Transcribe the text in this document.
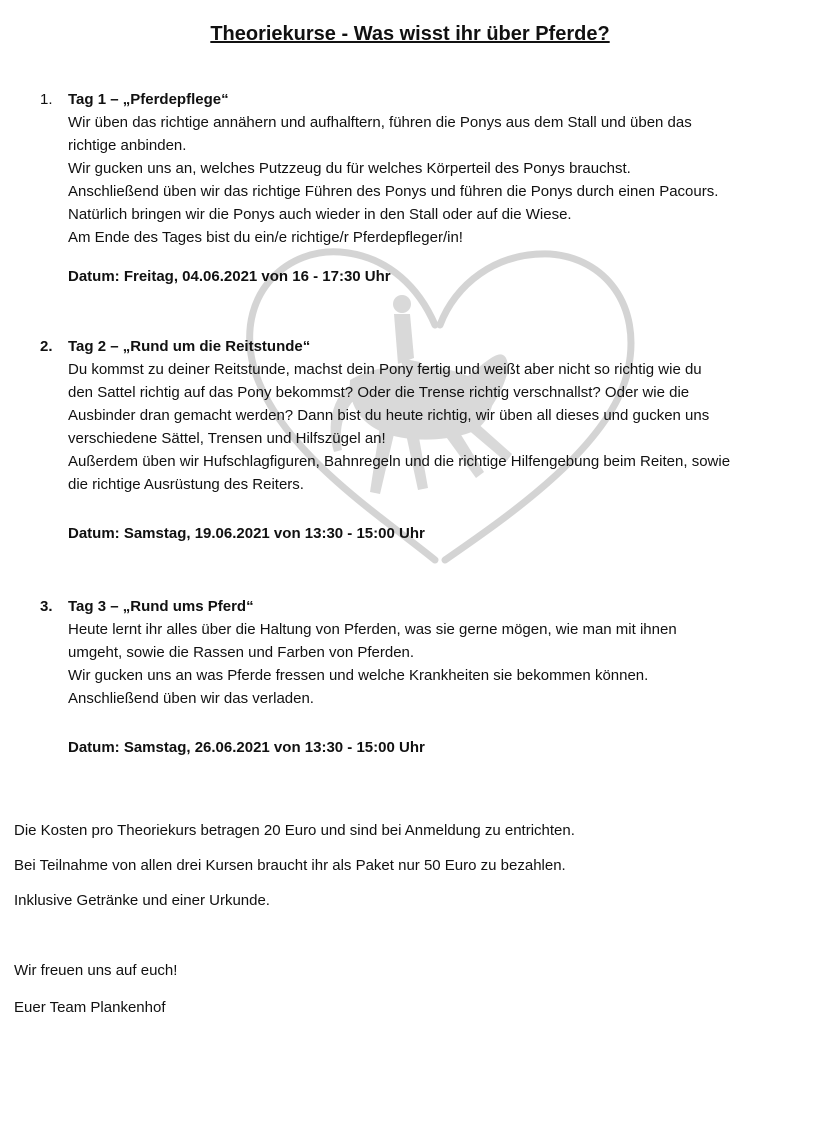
Theoriekurse - Was wisst ihr über Pferde?
1. Tag 1 – „Pferdepflege“
Wir üben das richtige annähern und aufhalftern, führen die Ponys aus dem Stall und üben das
richtige anbinden.
Wir gucken uns an, welches Putzzeug du für welches Körperteil des Ponys brauchst.
Anschließend üben wir das richtige Führen des Ponys und führen die Ponys durch einen Pacours.
Natürlich bringen wir die Ponys auch wieder in den Stall oder auf die Wiese.
Am Ende des Tages bist du ein/e richtige/r Pferdepfleger/in!
Datum: Freitag, 04.06.2021 von 16 - 17:30 Uhr
2. Tag 2 – „Rund um die Reitstunde“
Du kommst zu deiner Reitstunde, machst dein Pony fertig und weißt aber nicht so richtig wie du
den Sattel richtig auf das Pony bekommst? Oder die Trense richtig verschnallst? Oder wie die
Ausbinder dran gemacht werden? Dann bist du heute richtig, wir üben all dieses und gucken uns
verschiedene Sättel, Trensen und Hilfszügel an!
Außerdem üben wir Hufschlagfiguren, Bahnregeln und die richtige Hilfengebung beim Reiten, sowie
die richtige Ausrüstung des Reiters.
Datum: Samstag, 19.06.2021 von 13:30 - 15:00 Uhr
3. Tag 3 – „Rund ums Pferd“
Heute lernt ihr alles über die Haltung von Pferden, was sie gerne mögen, wie man mit ihnen
umgeht, sowie die Rassen und Farben von Pferden.
Wir gucken uns an was Pferde fressen und welche Krankheiten sie bekommen können.
Anschließend üben wir das verladen.
Datum: Samstag, 26.06.2021 von 13:30 - 15:00 Uhr
Die Kosten pro Theoriekurs betragen 20 Euro und sind bei Anmeldung zu entrichten.
Bei Teilnahme von allen drei Kursen braucht ihr als Paket nur 50 Euro zu bezahlen.
Inklusive Getränke und einer Urkunde.
Wir freuen uns auf euch!
Euer Team Plankenhof
